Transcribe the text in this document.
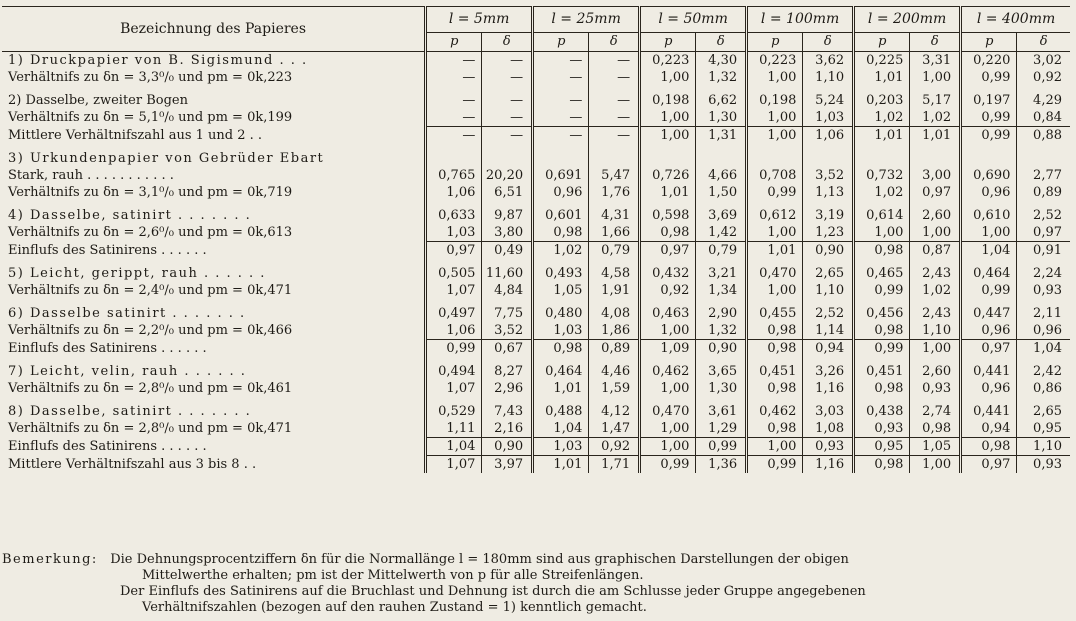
Bezeichnung des Papieres	l = 5mm		l = 25mm		l = 50mm		l = 100mm		l = 200mm		l = 400mm	
	p	δ	p	δ	p	δ	p	δ	p	δ	p	δ
1) Druckpapier von B. Sigismund . . .	—	—	—	—	0,223	4,30	0,223	3,62	0,225	3,31	0,220	3,02
Verhältnifs zu δn = 3,3⁰/₀ und pm = 0k,223	—	—	—	—	1,00	1,32	1,00	1,10	1,01	1,00	0,99	0,92

2) Dasselbe, zweiter Bogen	—	—	—	—	0,198	6,62	0,198	5,24	0,203	5,17	0,197	4,29
Verhältnifs zu δn = 5,1⁰/₀ und pm = 0k,199	—	—	—	—	1,00	1,30	1,00	1,03	1,02	1,02	0,99	0,84
Mittlere Verhältnifszahl aus 1 und 2 . .	—	—	—	—	1,00	1,31	1,00	1,06	1,01	1,01	0,99	0,88

3) Urkundenpapier von Gebrüder Ebart												
Stark, rauh . . . . . . . . . . .	0,765	20,20	0,691	5,47	0,726	4,66	0,708	3,52	0,732	3,00	0,690	2,77
Verhältnifs zu δn = 3,1⁰/₀ und pm = 0k,719	1,06	6,51	0,96	1,76	1,01	1,50	0,99	1,13	1,02	0,97	0,96	0,89

4) Dasselbe, satinirt . . . . . . .	0,633	9,87	0,601	4,31	0,598	3,69	0,612	3,19	0,614	2,60	0,610	2,52
Verhältnifs zu δn = 2,6⁰/₀ und pm = 0k,613	1,03	3,80	0,98	1,66	0,98	1,42	1,00	1,23	1,00	1,00	1,00	0,97
Einflufs des Satinirens . . . . . .	0,97	0,49	1,02	0,79	0,97	0,79	1,01	0,90	0,98	0,87	1,04	0,91

5) Leicht, gerippt, rauh . . . . . .	0,505	11,60	0,493	4,58	0,432	3,21	0,470	2,65	0,465	2,43	0,464	2,24
Verhältnifs zu δn = 2,4⁰/₀ und pm = 0k,471	1,07	4,84	1,05	1,91	0,92	1,34	1,00	1,10	0,99	1,02	0,99	0,93

6) Dasselbe satinirt . . . . . . .	0,497	7,75	0,480	4,08	0,463	2,90	0,455	2,52	0,456	2,43	0,447	2,11
Verhältnifs zu δn = 2,2⁰/₀ und pm = 0k,466	1,06	3,52	1,03	1,86	1,00	1,32	0,98	1,14	0,98	1,10	0,96	0,96
Einflufs des Satinirens . . . . . .	0,99	0,67	0,98	0,89	1,09	0,90	0,98	0,94	0,99	1,00	0,97	1,04

7) Leicht, velin, rauh . . . . . .	0,494	8,27	0,464	4,46	0,462	3,65	0,451	3,26	0,451	2,60	0,441	2,42
Verhältnifs zu δn = 2,8⁰/₀ und pm = 0k,461	1,07	2,96	1,01	1,59	1,00	1,30	0,98	1,16	0,98	0,93	0,96	0,86

8) Dasselbe, satinirt . . . . . . .	0,529	7,43	0,488	4,12	0,470	3,61	0,462	3,03	0,438	2,74	0,441	2,65
Verhältnifs zu δn = 2,8⁰/₀ und pm = 0k,471	1,11	2,16	1,04	1,47	1,00	1,29	0,98	1,08	0,93	0,98	0,94	0,95
Einflufs des Satinirens . . . . . .	1,04	0,90	1,03	0,92	1,00	0,99	1,00	0,93	0,95	1,05	0,98	1,10
Mittlere Verhältnifszahl aus 3 bis 8 . .	1,07	3,97	1,01	1,71	0,99	1,36	0,99	1,16	0,98	1,00	0,97	0,93
Bemerkung: Die Dehnungsprocentziffern δn für die Normallänge l = 180mm sind aus graphischen Darstellungen der obigen
Mittelwerthe erhalten; pm ist der Mittelwerth von p für alle Streifenlängen.
Der Einflufs des Satinirens auf die Bruchlast und Dehnung ist durch die am Schlusse jeder Gruppe angegebenen
Verhältnifszahlen (bezogen auf den rauhen Zustand = 1) kenntlich gemacht.
